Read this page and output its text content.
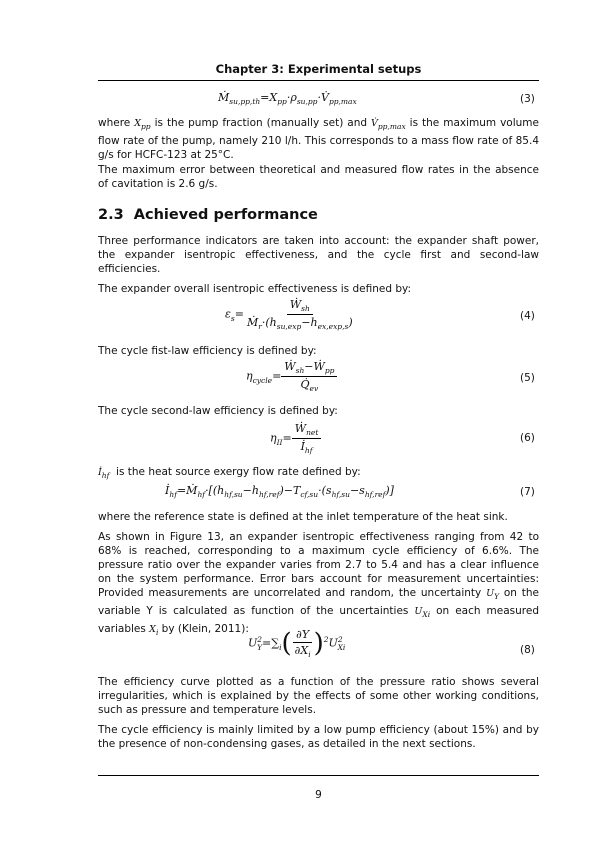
Chapter 3: Experimental setups
$Ṁ_{su,pp,th}=X_{pp}\cdot\rho_{su,pp}\cdot V̇_{pp,max}$	(3)
where $X_{pp}$ is the pump fraction (manually set) and $V̇_{pp,max}$ is the maximum volume flow rate of the pump, namely 210 l/h. This corresponds to a mass flow rate of 85.4 g/s for HCFC-123 at 25°C.
The maximum error between theoretical and measured flow rates in the absence of cavitation is 2.6 g/s.
2.3 Achieved performance
Three performance indicators are taken into account: the expander shaft power, the expander isentropic effectiveness, and the cycle first and second-law efficiencies.
The expander overall isentropic effectiveness is defined by:
$\varepsilon_s= \frac{Ẇ_{sh}}{Ṁ_r\cdot(h_{su,exp}-h_{ex,exp,s})}$	(4)
The cycle fist-law efficiency is defined by:
$\eta_{cycle}= \frac{Ẇ_{sh}-Ẇ_{pp}}{Q̇_{ev}}$	(5)
The cycle second-law efficiency is defined by:
$\eta_{II}= \frac{Ẇ_{net}}{İ_{hf}}$	(6)
$İ_{hf}$  is the heat source exergy flow rate defined by:
$İ_{hf}=Ṁ_{hf}\cdot[(h_{hf,su}-h_{hf,ref})-T_{cf,su}\cdot(s_{hf,su}-s_{hf,ref})]$	(7)
where the reference state is defined at the inlet temperature of the heat sink.
As shown in Figure 13, an expander isentropic effectiveness ranging from 42 to 68% is reached, corresponding to a maximum cycle efficiency of 6.6%. The pressure ratio over the expander varies from 2.7 to 5.4 and has a clear influence on the system performance. Error bars account for measurement uncertainties: Provided measurements are uncorrelated and random, the uncertainty $U_Y$ on the variable Y is calculated as function of the uncertainties $U_{Xi}$ on each measured variables $X_i$ by (Klein, 2011):
$U^2_Y=\sum_i( \frac{\partial Y}{\partial X_i} )^2U^2_{Xi}$	(8)
The efficiency curve plotted as a function of the pressure ratio shows several irregularities, which is explained by the effects of some other working conditions, such as pressure and temperature levels.
The cycle efficiency is mainly limited by a low pump efficiency (about 15%) and by the presence of non-condensing gases, as detailed in the next sections.
9
